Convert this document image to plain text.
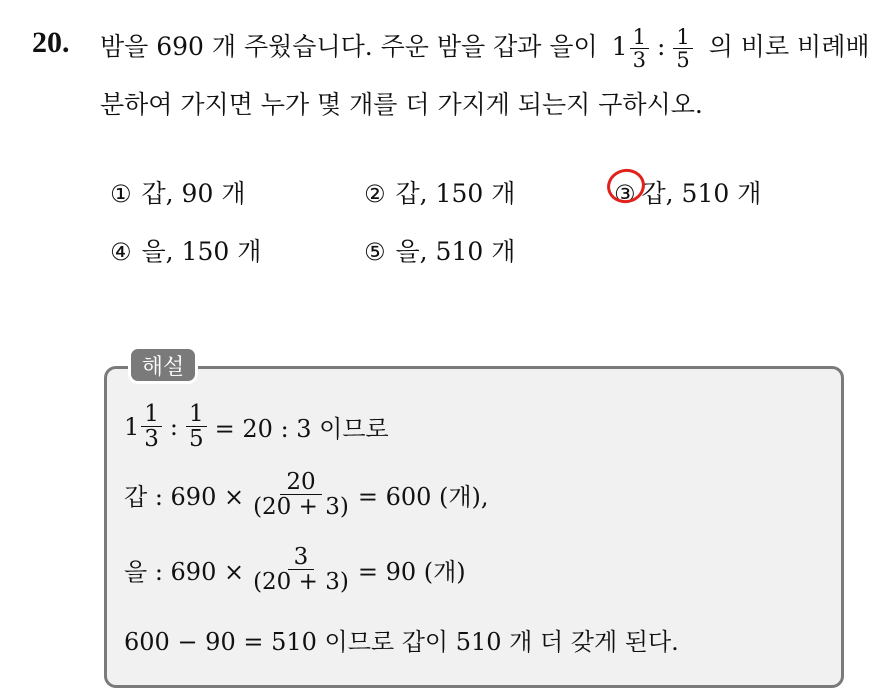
20. 밤을 690 개 주웠습니다. 주운 밤을 갑과 을이 $1 \frac{1}{3}$ : $\frac{1}{5}$ 의 비로 비례배
분하여 가지면 누가 몇 개를 더 가지게 되는지 구하시오.
① 갑, 90 개	② 갑, 150 개	③ 갑, 510 개
④ 을, 150 개	⑤ 을, 510 개
해설
$1 \frac{1}{3}$ : $\frac{1}{5} = 20$ : 3 이므로
갑 : $690 \times \frac{20}{(20 + 3)} = 600$ (개),
을 : $690 \times \frac{3}{(20 + 3)} = 90$ (개)
600 − 90 = 510 이므로 갑이 510 개 더 갖게 된다.
